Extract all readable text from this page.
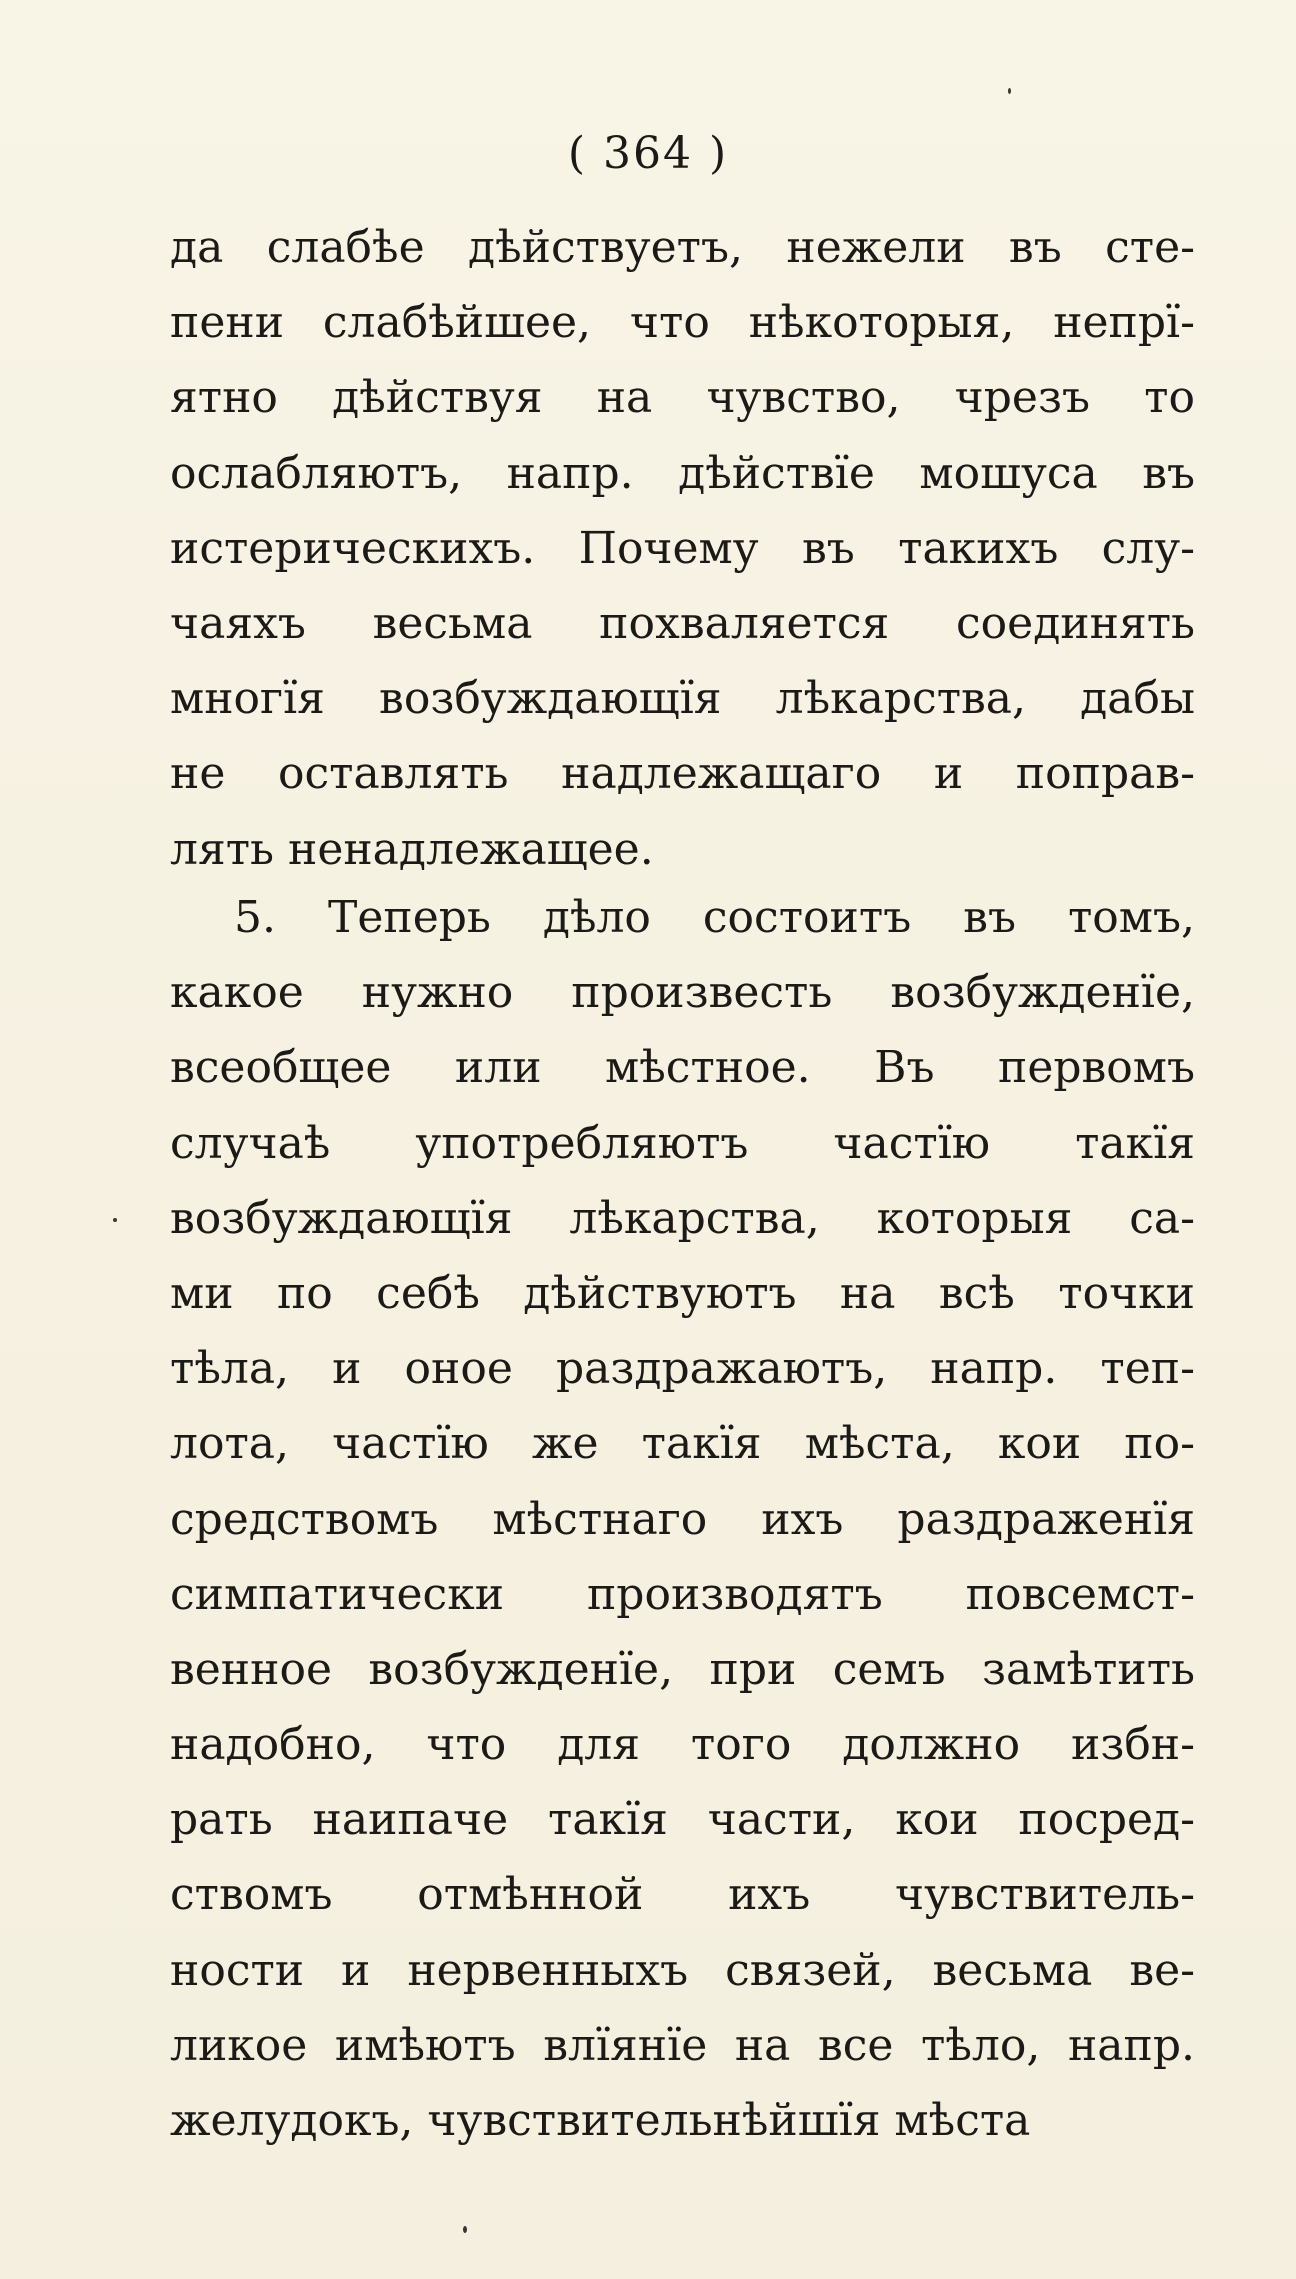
( 364 )
да слабѣе дѣйствуетъ, нежели въ сте-
пени слабѣйшее, что нѣкоторыя, непрї-
ятно дѣйствуя на чувство, чрезъ то
ослабляютъ, напр. дѣйствїе мошуса въ
истерическихъ. Почему въ такихъ слу-
чаяхъ весьма похваляется соединять
многїя возбуждающїя лѣкарства, дабы
не оставлять надлежащаго и поправ-
лять ненадлежащее.
5. Теперь дѣло состоитъ въ томъ,
какое нужно произвесть возбужденїе,
всеобщее или мѣстное. Въ первомъ
случаѣ употребляютъ частїю такїя
возбуждающїя лѣкарства, которыя са-
ми по себѣ дѣйствуютъ на всѣ точки
тѣла, и оное раздражаютъ, напр. теп-
лота, частїю же такїя мѣста, кои по-
средствомъ мѣстнаго ихъ раздраженїя
симпатически производятъ повсемст-
венное возбужденїе, при семъ замѣтить
надобно, что для того должно избн-
рать наипаче такїя части, кои посред-
ствомъ отмѣнной ихъ чувствитель-
ности и нервенныхъ связей, весьма ве-
ликое имѣютъ влїянїе на все тѣло, напр.
желудокъ, чувствительнѣйшїя мѣста
